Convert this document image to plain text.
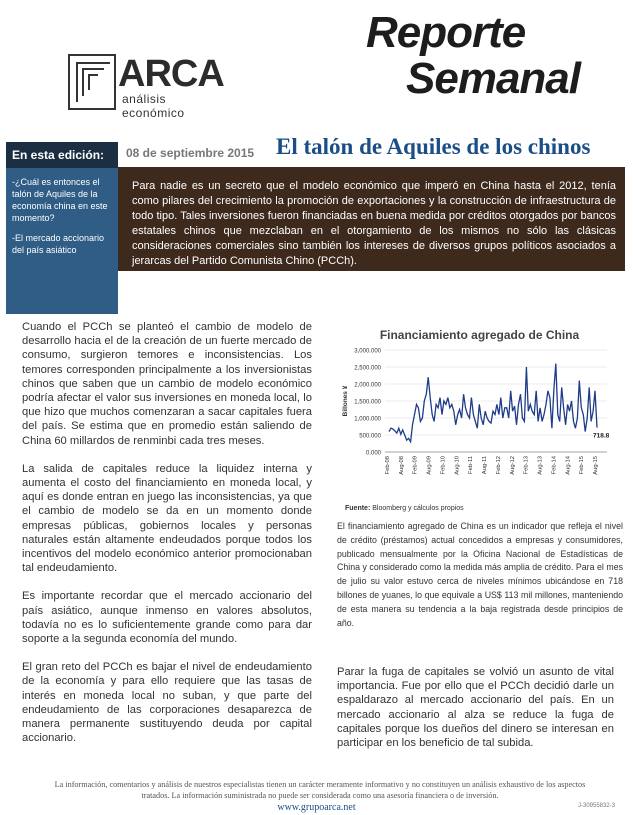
Reporte
Semanal
ARCA
análisis económico
En esta edición:

-¿Cuál es entonces el talón de Aquiles de la economía china en este momento?

-El mercado accionario del país asiático

08 de septiembre 2015 El talón de Aquiles de los chinos
Para nadie es un secreto que el modelo económico que imperó en China hasta el 2012, tenía como pilares del crecimiento la promoción de exportaciones y la construcción de infraestructura de todo tipo. Tales inversiones fueron financiadas en buena medida por créditos otorgados por bancos estatales chinos que mezclaban en el otorgamiento de los mismos no sólo las clásicas consideraciones comerciales sino también los intereses de diversos grupos políticos asociados a jerarcas del Partido Comunista Chino (PCCh).

Cuando el PCCh se planteó el cambio de modelo de desarrollo hacia el de la creación de un fuerte mercado de consumo, surgieron temores e inconsistencias. Los temores corresponden principalmente a los inversionistas chinos que saben que un cambio de modelo económico podría afectar el valor sus inversiones en moneda local, lo que hizo que muchos comenzaran a sacar capitales fuera del país. Se estima que en promedio están saliendo de China 60 millardos de renminbi cada tres meses.

La salida de capitales reduce la liquidez interna y aumenta el costo del financiamiento en moneda local, y aquí es donde entran en juego las inconsistencias, ya que el cambio de modelo se da en un momento donde empresas públicas, gobiernos locales y personas naturales están altamente endeudados porque todos los incentivos del modelo económico anterior promocionaban tal endeudamiento.

Es importante recordar que el mercado accionario del país asiático, aunque inmenso en valores absolutos, todavía no es lo suficientemente grande como para dar soporte a la segunda economía del mundo.

El gran reto del PCCh es bajar el nivel de endeudamiento de la economía y para ello requiere que las tasas de interés en moneda local no suban, y que parte del endeudamiento de las corporaciones desaparezca de manera permanente sustituyendo deuda por capital accionario.

Financiamiento agregado de China
0.000
500.000
1,000.000
1,500.000
2,000.000
2,500.000
3,000.000
Billones ¥
Feb-08 Aug-08 Feb-09 Aug-09 Feb-10 Aug-10 Feb-11 Aug-11 Feb-12 Aug-12 Feb-13 Aug-13 Feb-14 Aug-14 Feb-15 Aug-15
718.8
Fuente: Bloomberg y cálculos propios
El financiamiento agregado de China es un indicador que refleja el nivel de crédito (préstamos) actual concedidos a empresas y consumidores, publicado mensualmente por la Oficina Nacional de Estadísticas de China y considerado como la medida más amplia de crédito. Para el mes de julio su valor estuvo cerca de niveles mínimos ubicándose en 718 billones de yuanes, lo que equivale a US$ 113 mil millones, manteniendo de esta manera su tendencia a la baja registrada desde principios de año.

Parar la fuga de capitales se volvió un asunto de vital importancia. Fue por ello que el PCCh decidió darle un espaldarazo al mercado accionario del país. En un mercado accionario al alza se reduce la fuga de capitales porque los dueños del dinero se interesan en participar en los beneficio de tal subida.

La información, comentarios y análisis de nuestros especialistas tienen un carácter meramente informativo y no constituyen un análisis exhaustivo de los aspectos tratados. La información suministrada no puede ser considerada como una asesoría financiera o de inversión.
www.grupoarca.net	J-30955832-3
